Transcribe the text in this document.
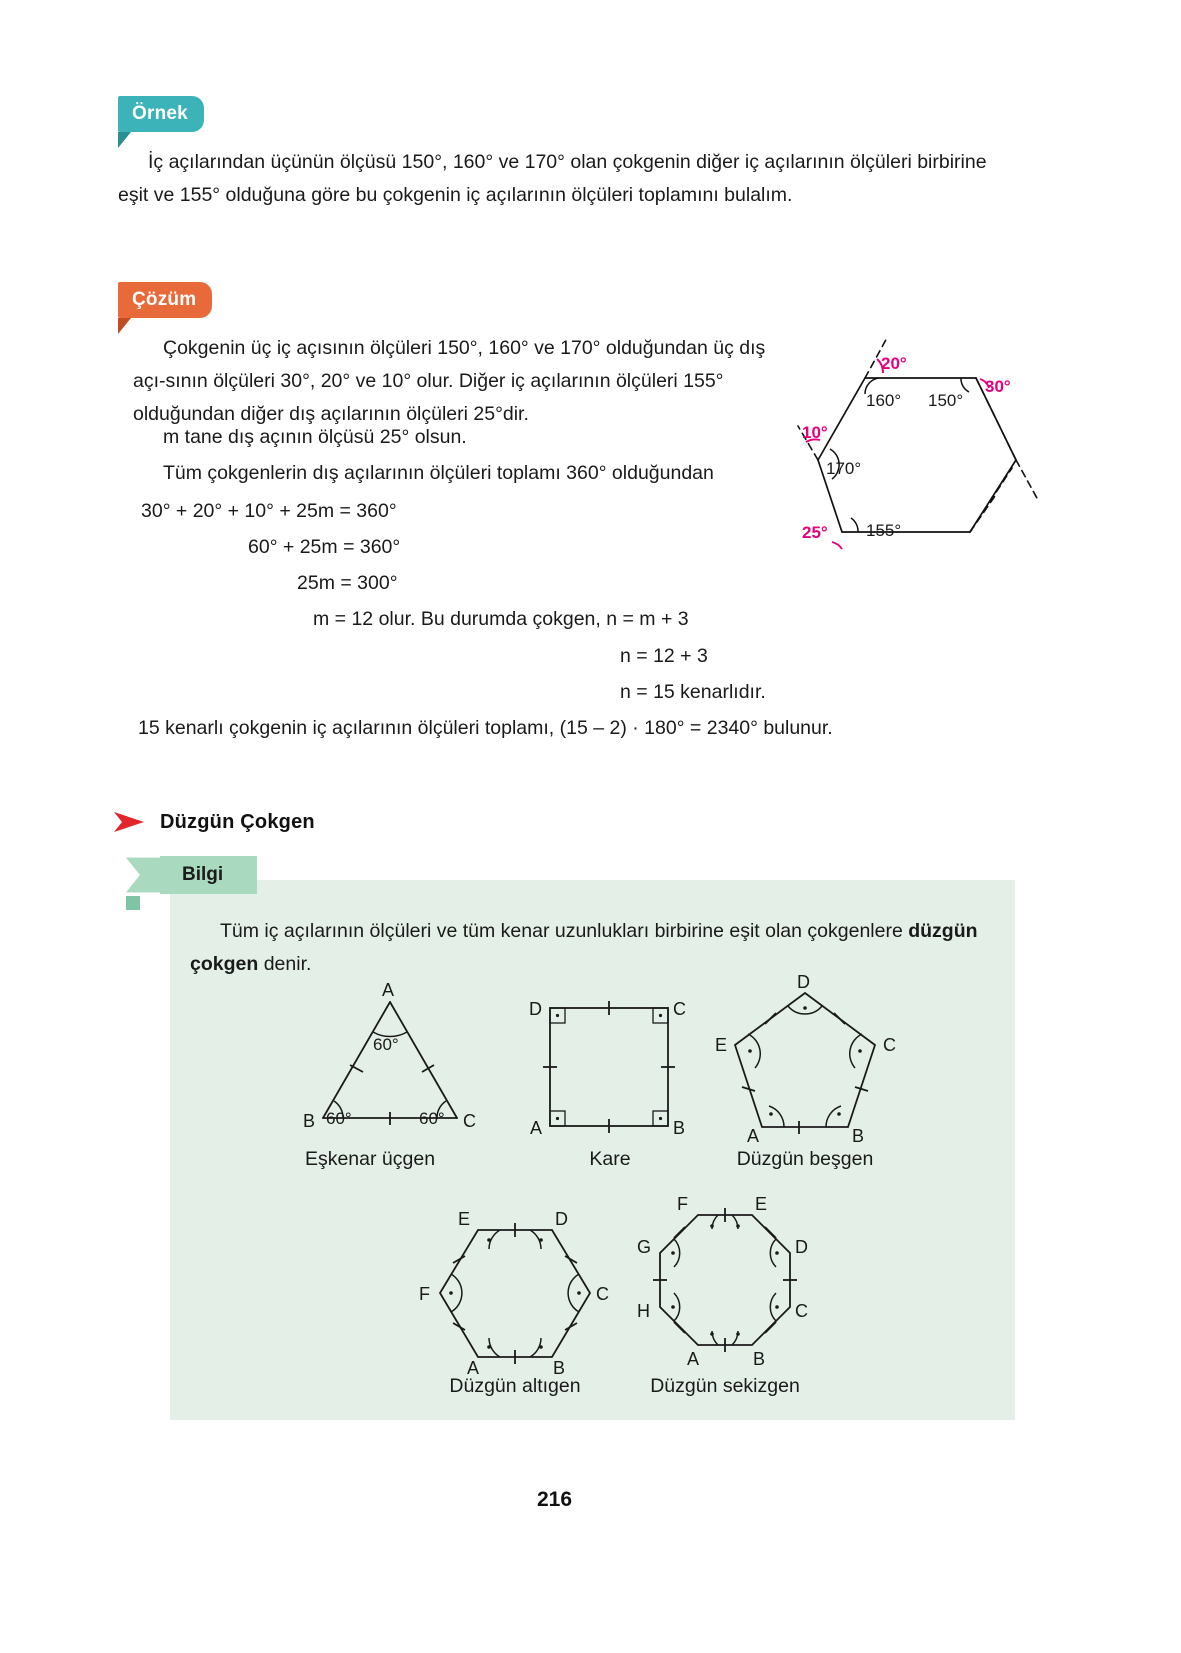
Örnek
İç açılarından üçünün ölçüsü 150°, 160° ve 170° olan çokgenin diğer iç açılarının ölçüleri birbirine eşit ve 155° olduğuna göre bu çokgenin iç açılarının ölçüleri toplamını bulalım.
Çözüm
Çokgenin üç iç açısının ölçüleri 150°, 160° ve 170° olduğundan üç dış açı-sının ölçüleri 30°, 20° ve 10° olur. Diğer iç açılarının ölçüleri 155° olduğundan diğer dış açılarının ölçüleri 25°dir.
m tane dış açının ölçüsü 25° olsun.
Tüm çokgenlerin dış açılarının ölçüleri toplamı 360° olduğundan
30° + 20° + 10° + 25m = 360°
60° + 25m = 360°
25m = 300°
m = 12 olur. Bu durumda çokgen, n = m + 3
n = 12 + 3
n = 15 kenarlıdır.
15 kenarlı çokgenin iç açılarının ölçüleri toplamı, (15 – 2) · 180° = 2340° bulunur.
160° 150°
170°
155°
20°
30°
10°
25°
Düzgün Çokgen
Bilgi
Tüm iç açılarının ölçüleri ve tüm kenar uzunlukları birbirine eşit olan çokgenlere düzgün çokgen denir.
A
B	C
60°
60°	60°
Eşkenar üçgen
D	C
A	B
Kare
D
C
B
A
E
Düzgün beşgen
E	D
C
B
A
F
Düzgün altıgen
F	E
D
C
B
A
H
G
Düzgün sekizgen
216
